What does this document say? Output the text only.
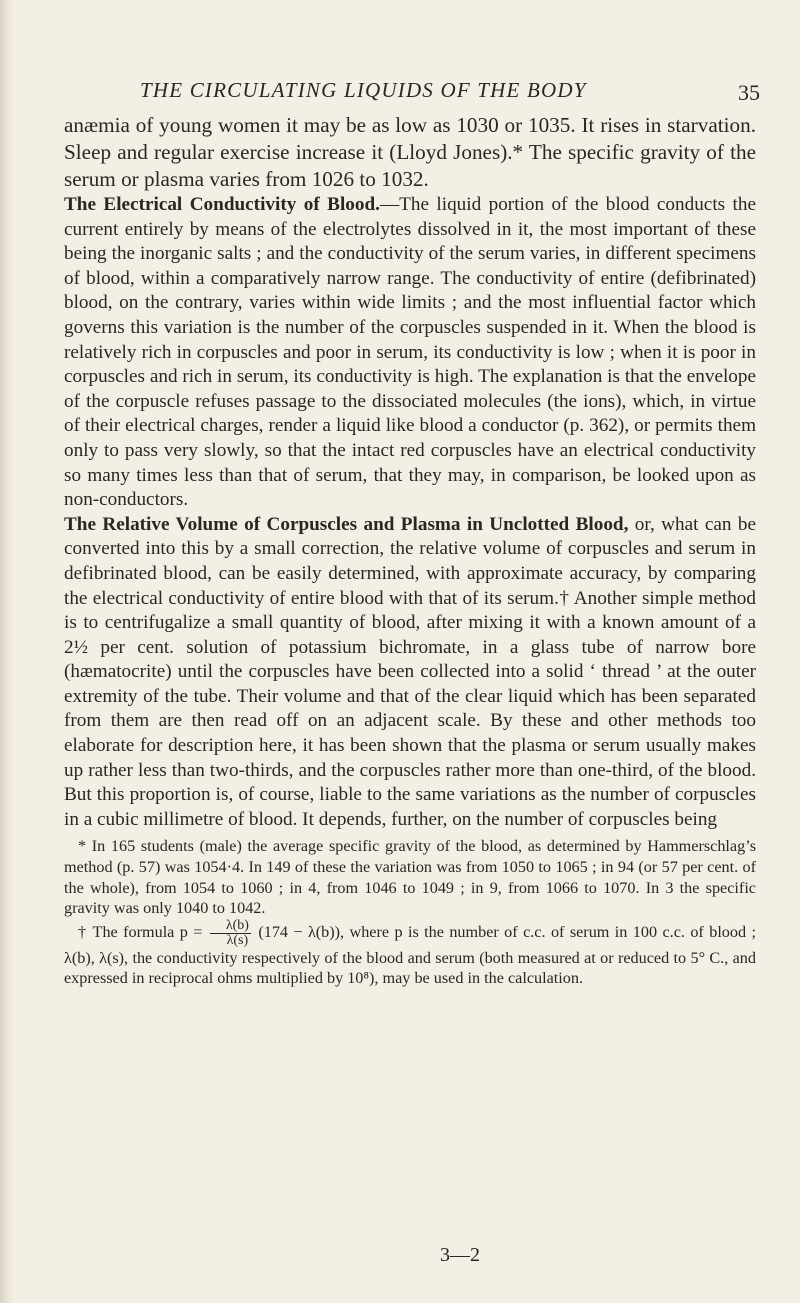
THE CIRCULATING LIQUIDS OF THE BODY	35

anæmia of young women it may be as low as 1030 or 1035. It rises in starvation. Sleep and regular exercise increase it (Lloyd Jones).* The specific gravity of the serum or plasma varies from 1026 to 1032.

The Electrical Conductivity of Blood.—The liquid portion of the blood conducts the current entirely by means of the electrolytes dissolved in it, the most important of these being the inorganic salts ; and the conductivity of the serum varies, in different specimens of blood, within a comparatively narrow range. The conductivity of entire (defibrinated) blood, on the contrary, varies within wide limits ; and the most influential factor which governs this variation is the number of the corpuscles suspended in it. When the blood is relatively rich in corpuscles and poor in serum, its conductivity is low ; when it is poor in corpuscles and rich in serum, its conductivity is high. The explanation is that the envelope of the corpuscle refuses passage to the dissociated molecules (the ions), which, in virtue of their electrical charges, render a liquid like blood a conductor (p. 362), or permits them only to pass very slowly, so that the intact red corpuscles have an electrical conductivity so many times less than that of serum, that they may, in comparison, be looked upon as non-conductors.

The Relative Volume of Corpuscles and Plasma in Unclotted Blood, or, what can be converted into this by a small correction, the relative volume of corpuscles and serum in defibrinated blood, can be easily determined, with approximate accuracy, by comparing the electrical conductivity of entire blood with that of its serum.† Another simple method is to centrifugalize a small quantity of blood, after mixing it with a known amount of a 2½ per cent. solution of potassium bichromate, in a glass tube of narrow bore (hæmatocrite) until the corpuscles have been collected into a solid ‘ thread ’ at the outer extremity of the tube. Their volume and that of the clear liquid which has been separated from them are then read off on an adjacent scale. By these and other methods too elaborate for description here, it has been shown that the plasma or serum usually makes up rather less than two-thirds, and the corpuscles rather more than one-third, of the blood. But this proportion is, of course, liable to the same variations as the number of corpuscles in a cubic millimetre of blood. It depends, further, on the number of corpuscles being

* In 165 students (male) the average specific gravity of the blood, as determined by Hammerschlag’s method (p. 57) was 1054·4. In 149 of these the variation was from 1050 to 1065 ; in 94 (or 57 per cent. of the whole), from 1054 to 1060 ; in 4, from 1046 to 1049 ; in 9, from 1066 to 1070. In 3 the specific gravity was only 1040 to 1042.

† The formula $p = \frac{\lambda(b)}{\lambda(s)} (174 - \lambda(b))$, where p is the number of c.c. of serum in 100 c.c. of blood ; λ(b), λ(s), the conductivity respectively of the blood and serum (both measured at or reduced to 5° C., and expressed in reciprocal ohms multiplied by 10⁸), may be used in the calculation.

3—2
